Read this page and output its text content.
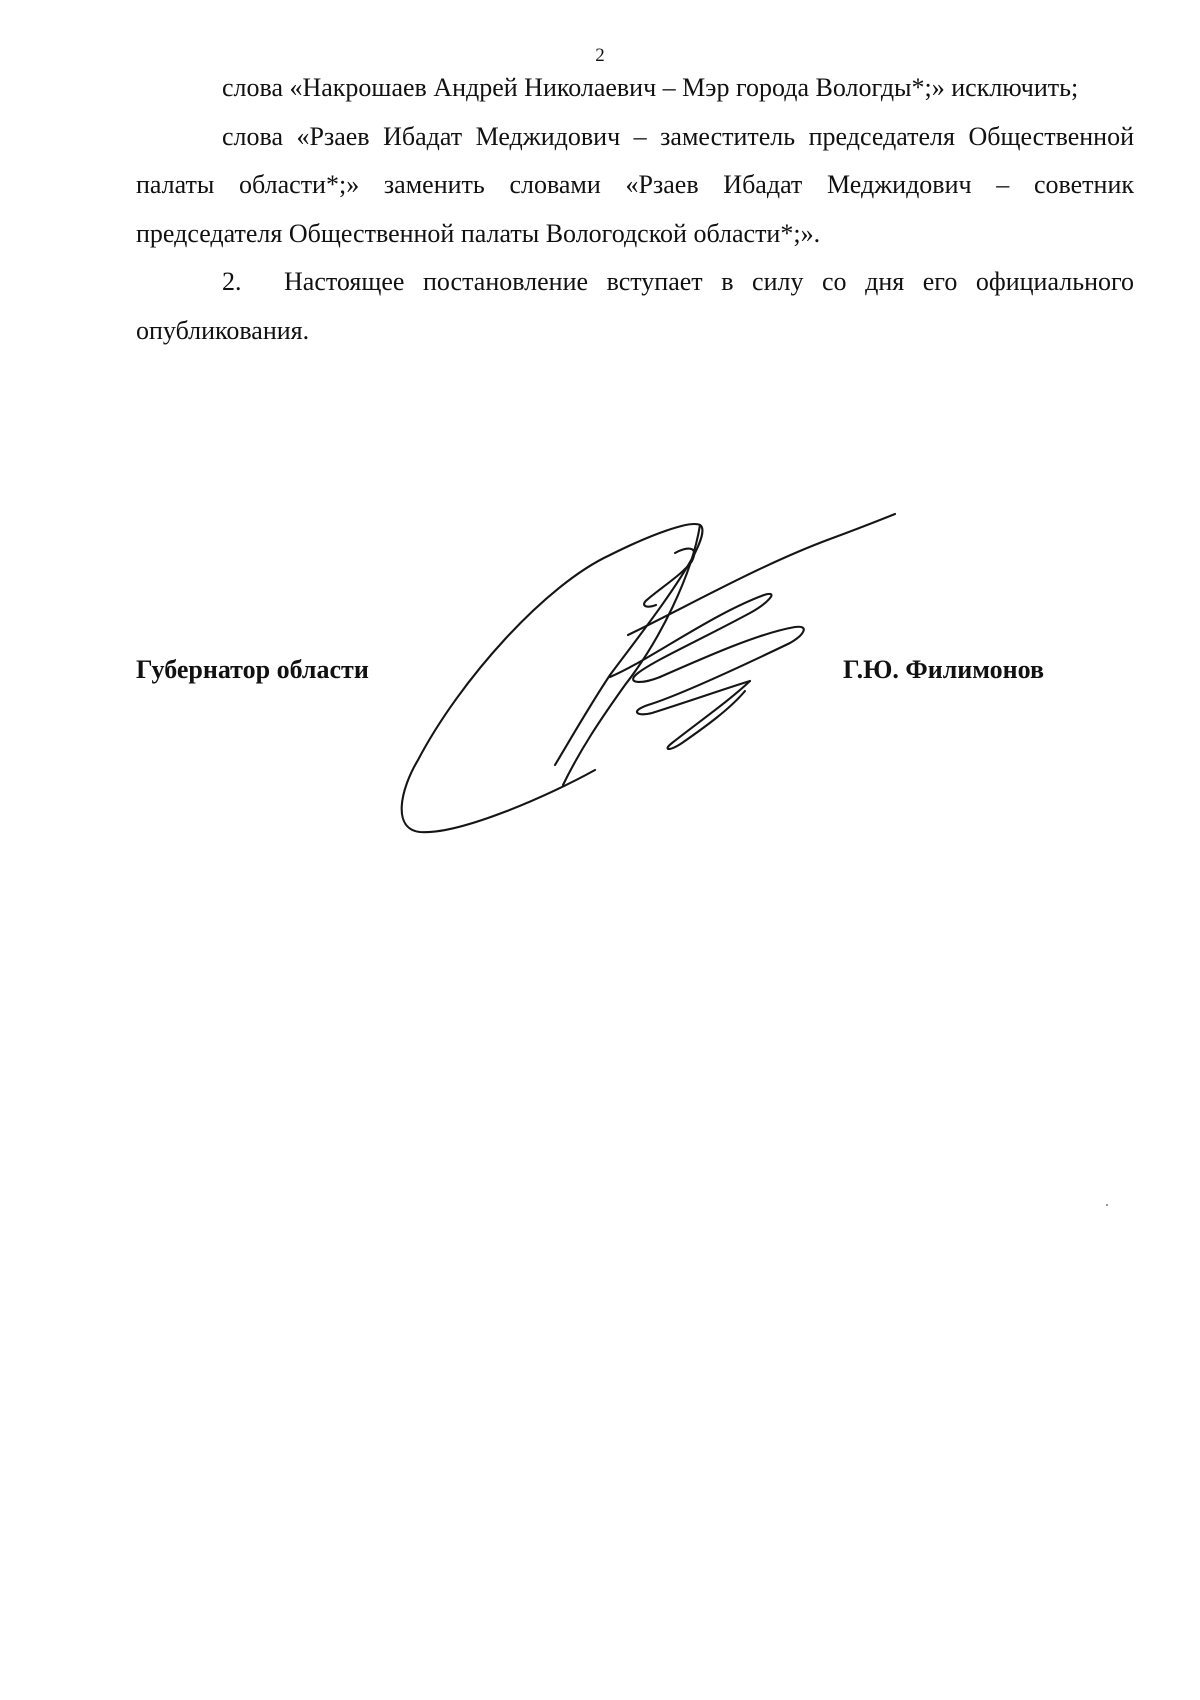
2

слова «Накрошаев Андрей Николаевич – Мэр города Вологды*;» исключить;

слова «Рзаев Ибадат Меджидович – заместитель председателя Общественной палаты области*;» заменить словами «Рзаев Ибадат Меджидович – советник председателя Общественной палаты Вологодской области*;».

2. Настоящее постановление вступает в силу со дня его официального опубликования.

Губернатор области	Г.Ю. Филимонов
